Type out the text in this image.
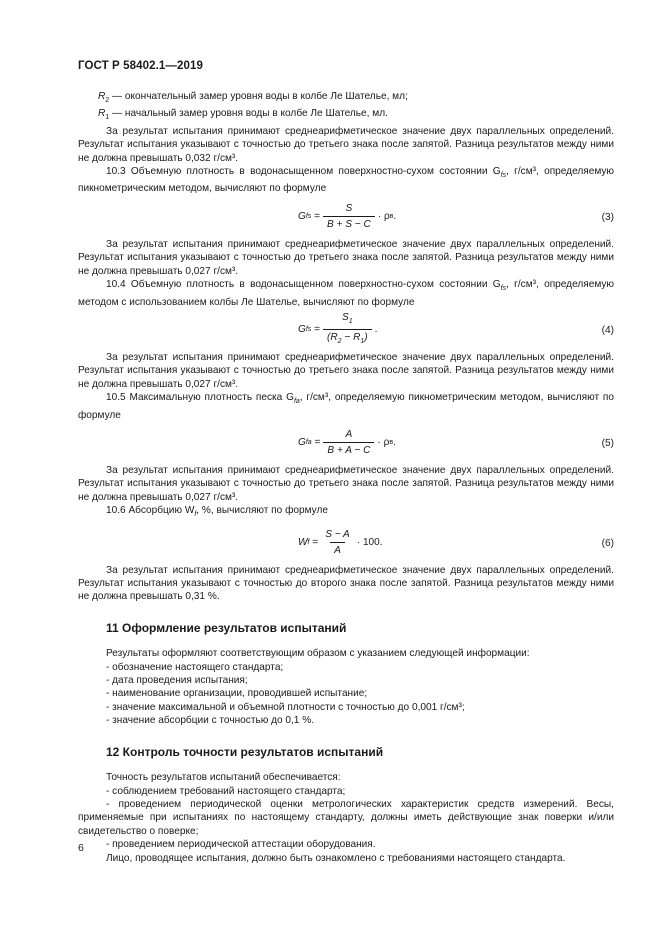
ГОСТ Р 58402.1—2019

$R_2$ — окончательный замер уровня воды в колбе Ле Шателье, мл;

$R_1$ — начальный замер уровня воды в колбе Ле Шателье, мл.

За результат испытания принимают среднеарифметическое значение двух параллельных определений. Результат испытания указывают с точностью до третьего знака после запятой. Разница результатов между ними не должна превышать 0,032 г/см³.

10.3 Объемную плотность в водонасыщенном поверхностно-сухом состоянии $G_{fs}$, г/см³, определяемую пикнометрическим методом, вычисляют по формуле

G fs = $\frac{S}{B + S - C} \cdot \rho$ в .	(3)

За результат испытания принимают среднеарифметическое значение двух параллельных определений. Результат испытания указывают с точностью до третьего знака после запятой. Разница результатов между ними не должна превышать 0,027 г/см³.

10.4 Объемную плотность в водонасыщенном поверхностно-сухом состоянии $G_{fs}$, г/см³, определяемую методом с использованием колбы Ле Шателье, вычисляют по формуле

G fs = $\frac{S_1}{(R_2 - R_1)}$ .	(4)

За результат испытания принимают среднеарифметическое значение двух параллельных определений. Результат испытания указывают с точностью до третьего знака после запятой. Разница результатов между ними не должна превышать 0,027 г/см³.

10.5 Максимальную плотность песка $G_{fa}$, г/см³, определяемую пикнометрическим методом, вычисляют по формуле

G fa = $\frac{A}{B + A - C} \cdot \rho$ в .	(5)

За результат испытания принимают среднеарифметическое значение двух параллельных определений. Результат испытания указывают с точностью до третьего знака после запятой. Разница результатов между ними не должна превышать 0,027 г/см³.

10.6 Абсорбцию $W_f$, %, вычисляют по формуле

W $f = \frac{S - A}{A} \cdot 100$.	(6)

За результат испытания принимают среднеарифметическое значение двух параллельных определений. Результат испытания указывают с точностью до второго знака после запятой. Разница результатов между ними не должна превышать 0,31 %.

11 Оформление результатов испытаний

Результаты оформляют соответствующим образом с указанием следующей информации:

- обозначение настоящего стандарта;

- дата проведения испытания;

- наименование организации, проводившей испытание;

- значение максимальной и объемной плотности с точностью до 0,001 г/см³;

- значение абсорбции с точностью до 0,1 %.

12 Контроль точности результатов испытаний

Точность результатов испытаний обеспечивается:

- соблюдением требований настоящего стандарта;

- проведением периодической оценки метрологических характеристик средств измерений. Весы, применяемые при испытаниях по настоящему стандарту, должны иметь действующие знак поверки и/или свидетельство о поверке;

- проведением периодической аттестации оборудования.

Лицо, проводящее испытания, должно быть ознакомлено с требованиями настоящего стандарта.

6
